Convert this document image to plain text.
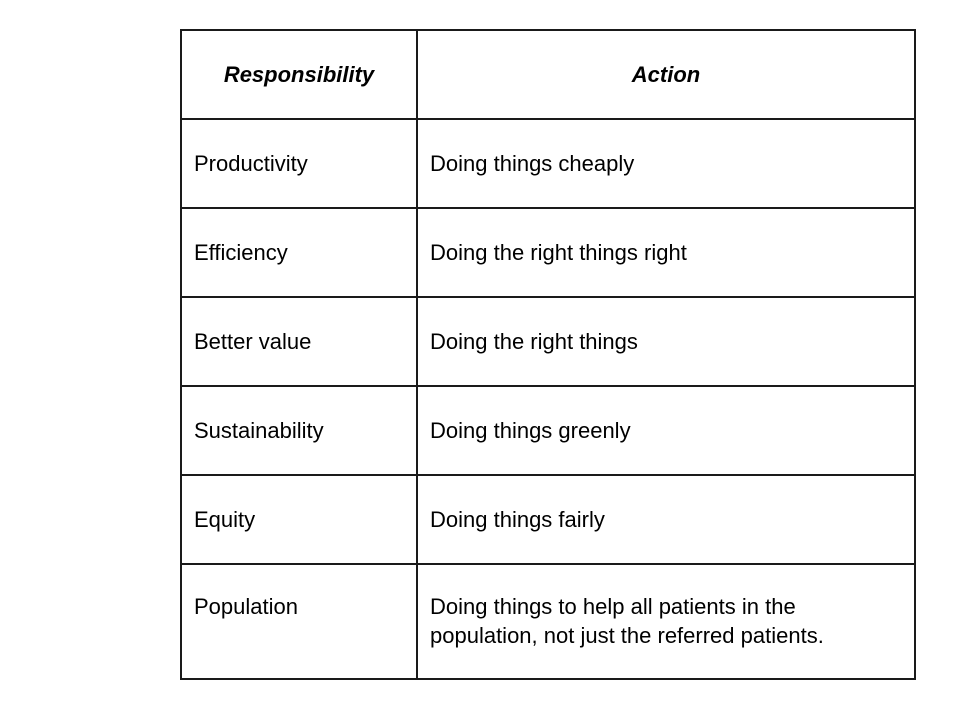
Responsibility	Action
Productivity	Doing things cheaply
Efficiency	Doing the right things right
Better value	Doing the right things
Sustainability	Doing things greenly
Equity	Doing things fairly
Population	Doing things to help all patients in the population, not just the referred patients.
